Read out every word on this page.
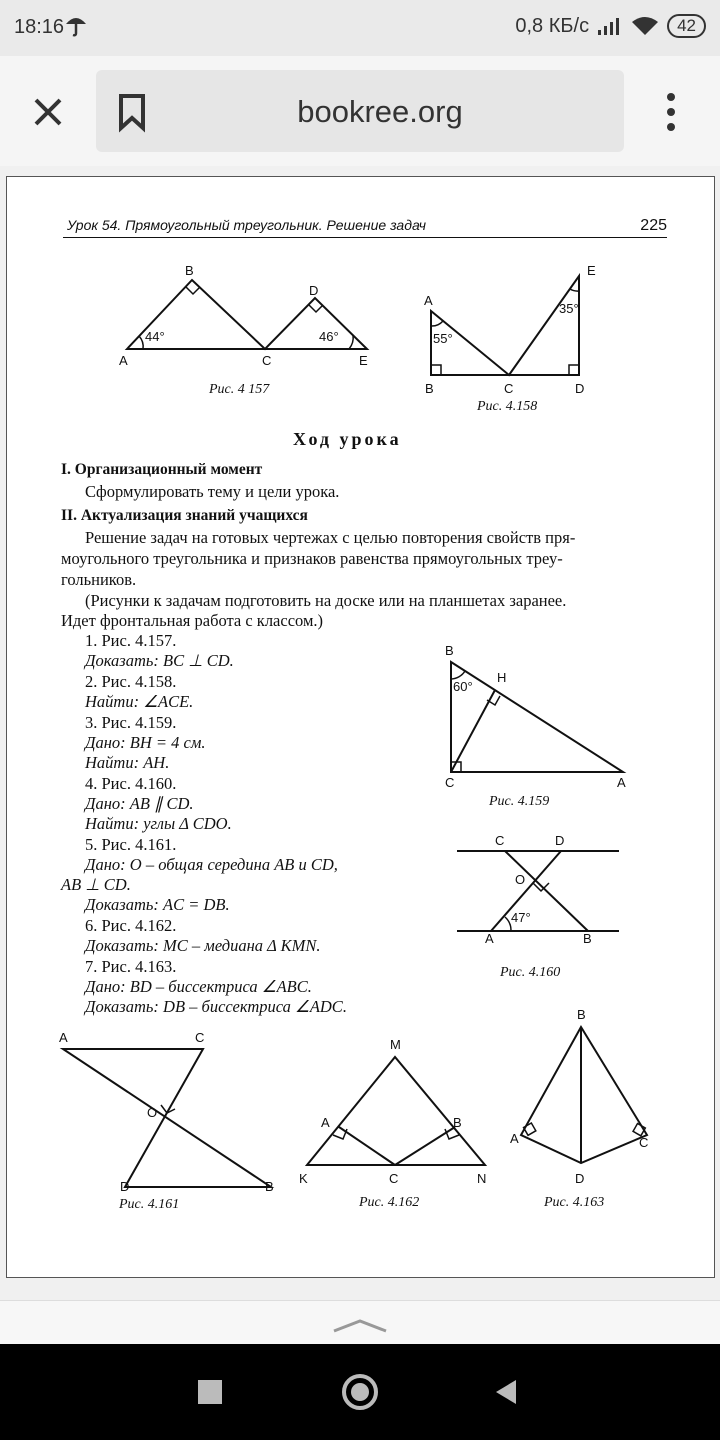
18:16	0,8 КБ/с	42
bookree.org
Урок 54. Прямоугольный треугольник. Решение задач	225
B
D
A	C	E
44°	46°
Рис. 4 157
A
E
B	C	D
55°
35°
Рис. 4.158
Ход урока
I. Организационный момент
Сформулировать тему и цели урока.
II. Актуализация знаний учащихся
Решение задач на готовых чертежах с целью повторения свойств пря-
моугольного треугольника и признаков равенства прямоугольных треу-
гольников.
(Рисунки к задачам подготовить на доске или на планшетах заранее.
Идет фронтальная работа с классом.)
1. Рис. 4.157.
Доказать: BC ⊥ CD.
2. Рис. 4.158.
Найти: ∠ACE.
3. Рис. 4.159.
Дано: BH = 4 см.
Найти: AH.
4. Рис. 4.160.
Дано: AB ∥ CD.
Найти: углы Δ CDO.
5. Рис. 4.161.
Дано: O – общая середина AB и CD,
AB ⊥ CD.
Доказать: AC = DB.
6. Рис. 4.162.
Доказать: MC – медиана Δ KMN.
7. Рис. 4.163.
Дано: BD – биссектриса ∠ABC.
Доказать: DB – биссектриса ∠ADC.
B
H
C	A
60°
Рис. 4.159
C	D
O
A	B
47°
Рис. 4.160
A	C
O
D	B
Рис. 4.161
M
A	B
K	C	N
Рис. 4.162
B
A	C
D
Рис. 4.163
